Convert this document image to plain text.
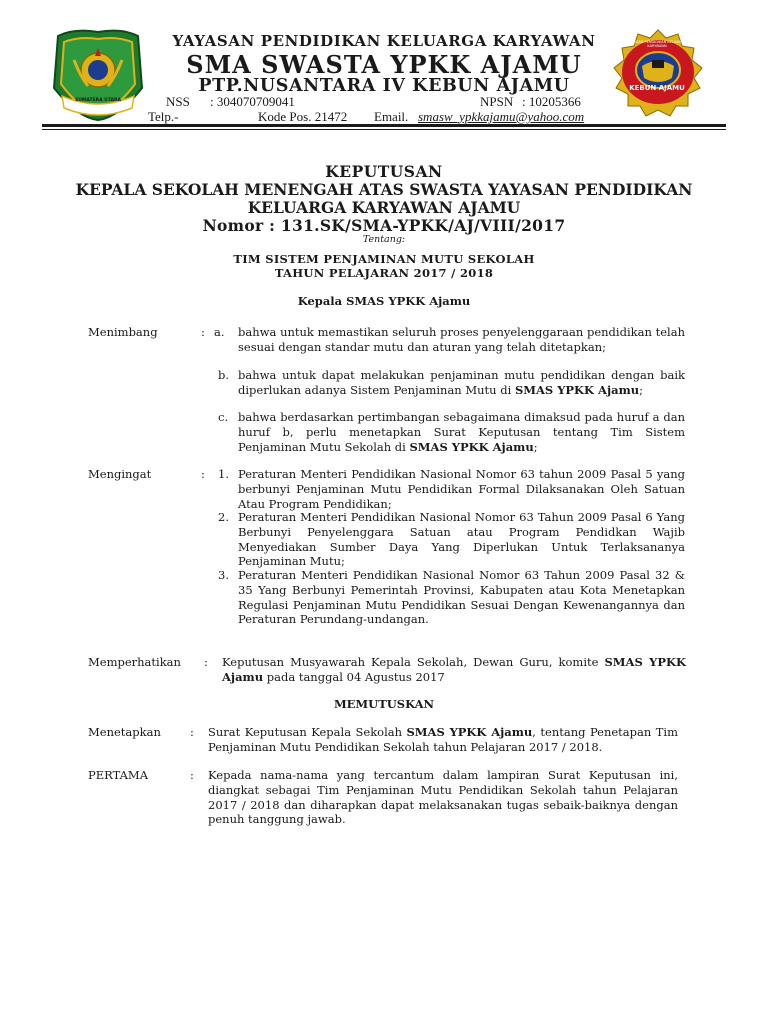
SUMATERA UTARA
KEBUN AJAMU
YAYASAN PENDIDIKAN KELUARGA KARYAWAN
YAYASAN PENDIDIKAN KELUARGA KARYAWAN
SMA SWASTA YPKK AJAMU
PTP.NUSANTARA IV KEBUN AJAMU
NSS : 304070709041	NPSN : 10205366
Telp.-	Kode Pos. 21472 Email. smasw_ypkkajamu@yahoo.com
KEPUTUSAN
KEPALA SEKOLAH MENENGAH ATAS SWASTA YAYASAN PENDIDIKAN
KELUARGA KARYAWAN AJAMU
Nomor : 131.SK/SMA-YPKK/AJ/VIII/2017
Tentang:
TIM SISTEM PENJAMINAN MUTU SEKOLAH
TAHUN PELAJARAN 2017 / 2018
Kepala SMAS YPKK Ajamu
Menimbang	: a. bahwa untuk memastikan seluruh proses penyelenggaraan pendidikan telah sesuai dengan standar mutu dan aturan yang telah ditetapkan;
b. bahwa untuk dapat melakukan penjaminan mutu pendidikan dengan baik diperlukan adanya Sistem Penjaminan Mutu di SMAS YPKK Ajamu;
c. bahwa berdasarkan pertimbangan sebagaimana dimaksud pada huruf a dan huruf b, perlu menetapkan Surat Keputusan tentang Tim Sistem Penjaminan Mutu Sekolah di SMAS YPKK Ajamu;
Mengingat	: 1. Peraturan Menteri Pendidikan Nasional Nomor 63 tahun 2009 Pasal 5 yang berbunyi Penjaminan Mutu Pendidikan Formal Dilaksanakan Oleh Satuan Atau Program Pendidikan;
2. Peraturan Menteri Pendidikan Nasional Nomor 63 Tahun 2009 Pasal 6 Yang Berbunyi Penyelenggara Satuan atau Program Pendidkan Wajib Menyediakan Sumber Daya Yang Diperlukan Untuk Terlaksananya Penjaminan Mutu;
3. Peraturan Menteri Pendidikan Nasional Nomor 63 Tahun 2009 Pasal 32 & 35 Yang Berbunyi Pemerintah Provinsi, Kabupaten atau Kota Menetapkan Regulasi Penjaminan Mutu Pendidikan Sesuai Dengan Kewenangannya dan Peraturan Perundang-undangan.
Memperhatikan : Keputusan Musyawarah Kepala Sekolah, Dewan Guru, komite SMAS YPKK Ajamu pada tanggal 04 Agustus 2017
MEMUTUSKAN
Menetapkan	: Surat Keputusan Kepala Sekolah SMAS YPKK Ajamu, tentang Penetapan Tim Penjaminan Mutu Pendidikan Sekolah tahun Pelajaran 2017 / 2018.
PERTAMA	: Kepada nama-nama yang tercantum dalam lampiran Surat Keputusan ini, diangkat sebagai Tim Penjaminan Mutu Pendidikan Sekolah tahun Pelajaran 2017 / 2018 dan diharapkan dapat melaksanakan tugas sebaik-baiknya dengan penuh tanggung jawab.
